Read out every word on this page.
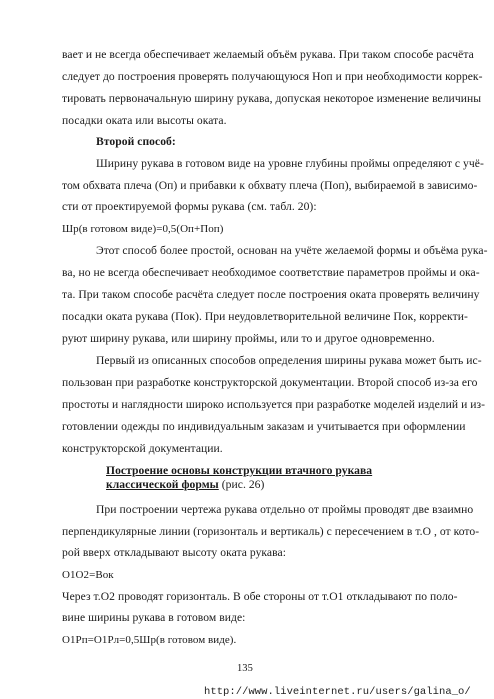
вает и не всегда обеспечивает желаемый объём рукава. При таком способе расчёта
следует до построения проверять получающуюся Ноп и при необходимости коррек-
тировать первоначальную ширину рукава, допуская некоторое изменение величины
посадки оката или высоты оката.
Второй способ:
Ширину рукава в готовом виде на уровне глубины проймы определяют с учё-
том обхвата плеча (Оп) и прибавки к обхвату плеча (Поп), выбираемой в зависимо-
сти от проектируемой формы рукава (см. табл. 20):
Шр(в готовом виде)=0,5(Оп+Поп)
Этот способ более простой, основан на учёте желаемой формы и объёма рука-
ва, но не всегда обеспечивает необходимое соответствие параметров проймы и ока-
та. При таком способе расчёта следует после построения оката проверять величину
посадки оката рукава (Пок). При неудовлетворительной величине Пок, корректи-
руют ширину рукава, или ширину проймы, или то и другое одновременно.
Первый из описанных способов определения ширины рукава может быть ис-
пользован при разработке конструкторской документации. Второй способ из-за его
простоты и наглядности широко используется при разработке моделей изделий и из-
готовлении одежды по индивидуальным заказам и учитывается при оформлении
конструкторской документации.
Построение основы конструкции втачного рукава
классической формы (рис. 26)
При построении чертежа рукава отдельно от проймы проводят две взаимно
перпендикулярные линии (горизонталь и вертикаль) с пересечением в т.О , от кото-
рой вверх откладывают высоту оката рукава:
О1О2=Вок
Через т.О2 проводят горизонталь. В обе стороны от т.О1 откладывают по поло-
вине ширины рукава в готовом виде:
О1Рп=О1Рл=0,5Шр(в готовом виде).
135
http://www.liveinternet.ru/users/galina_o/
